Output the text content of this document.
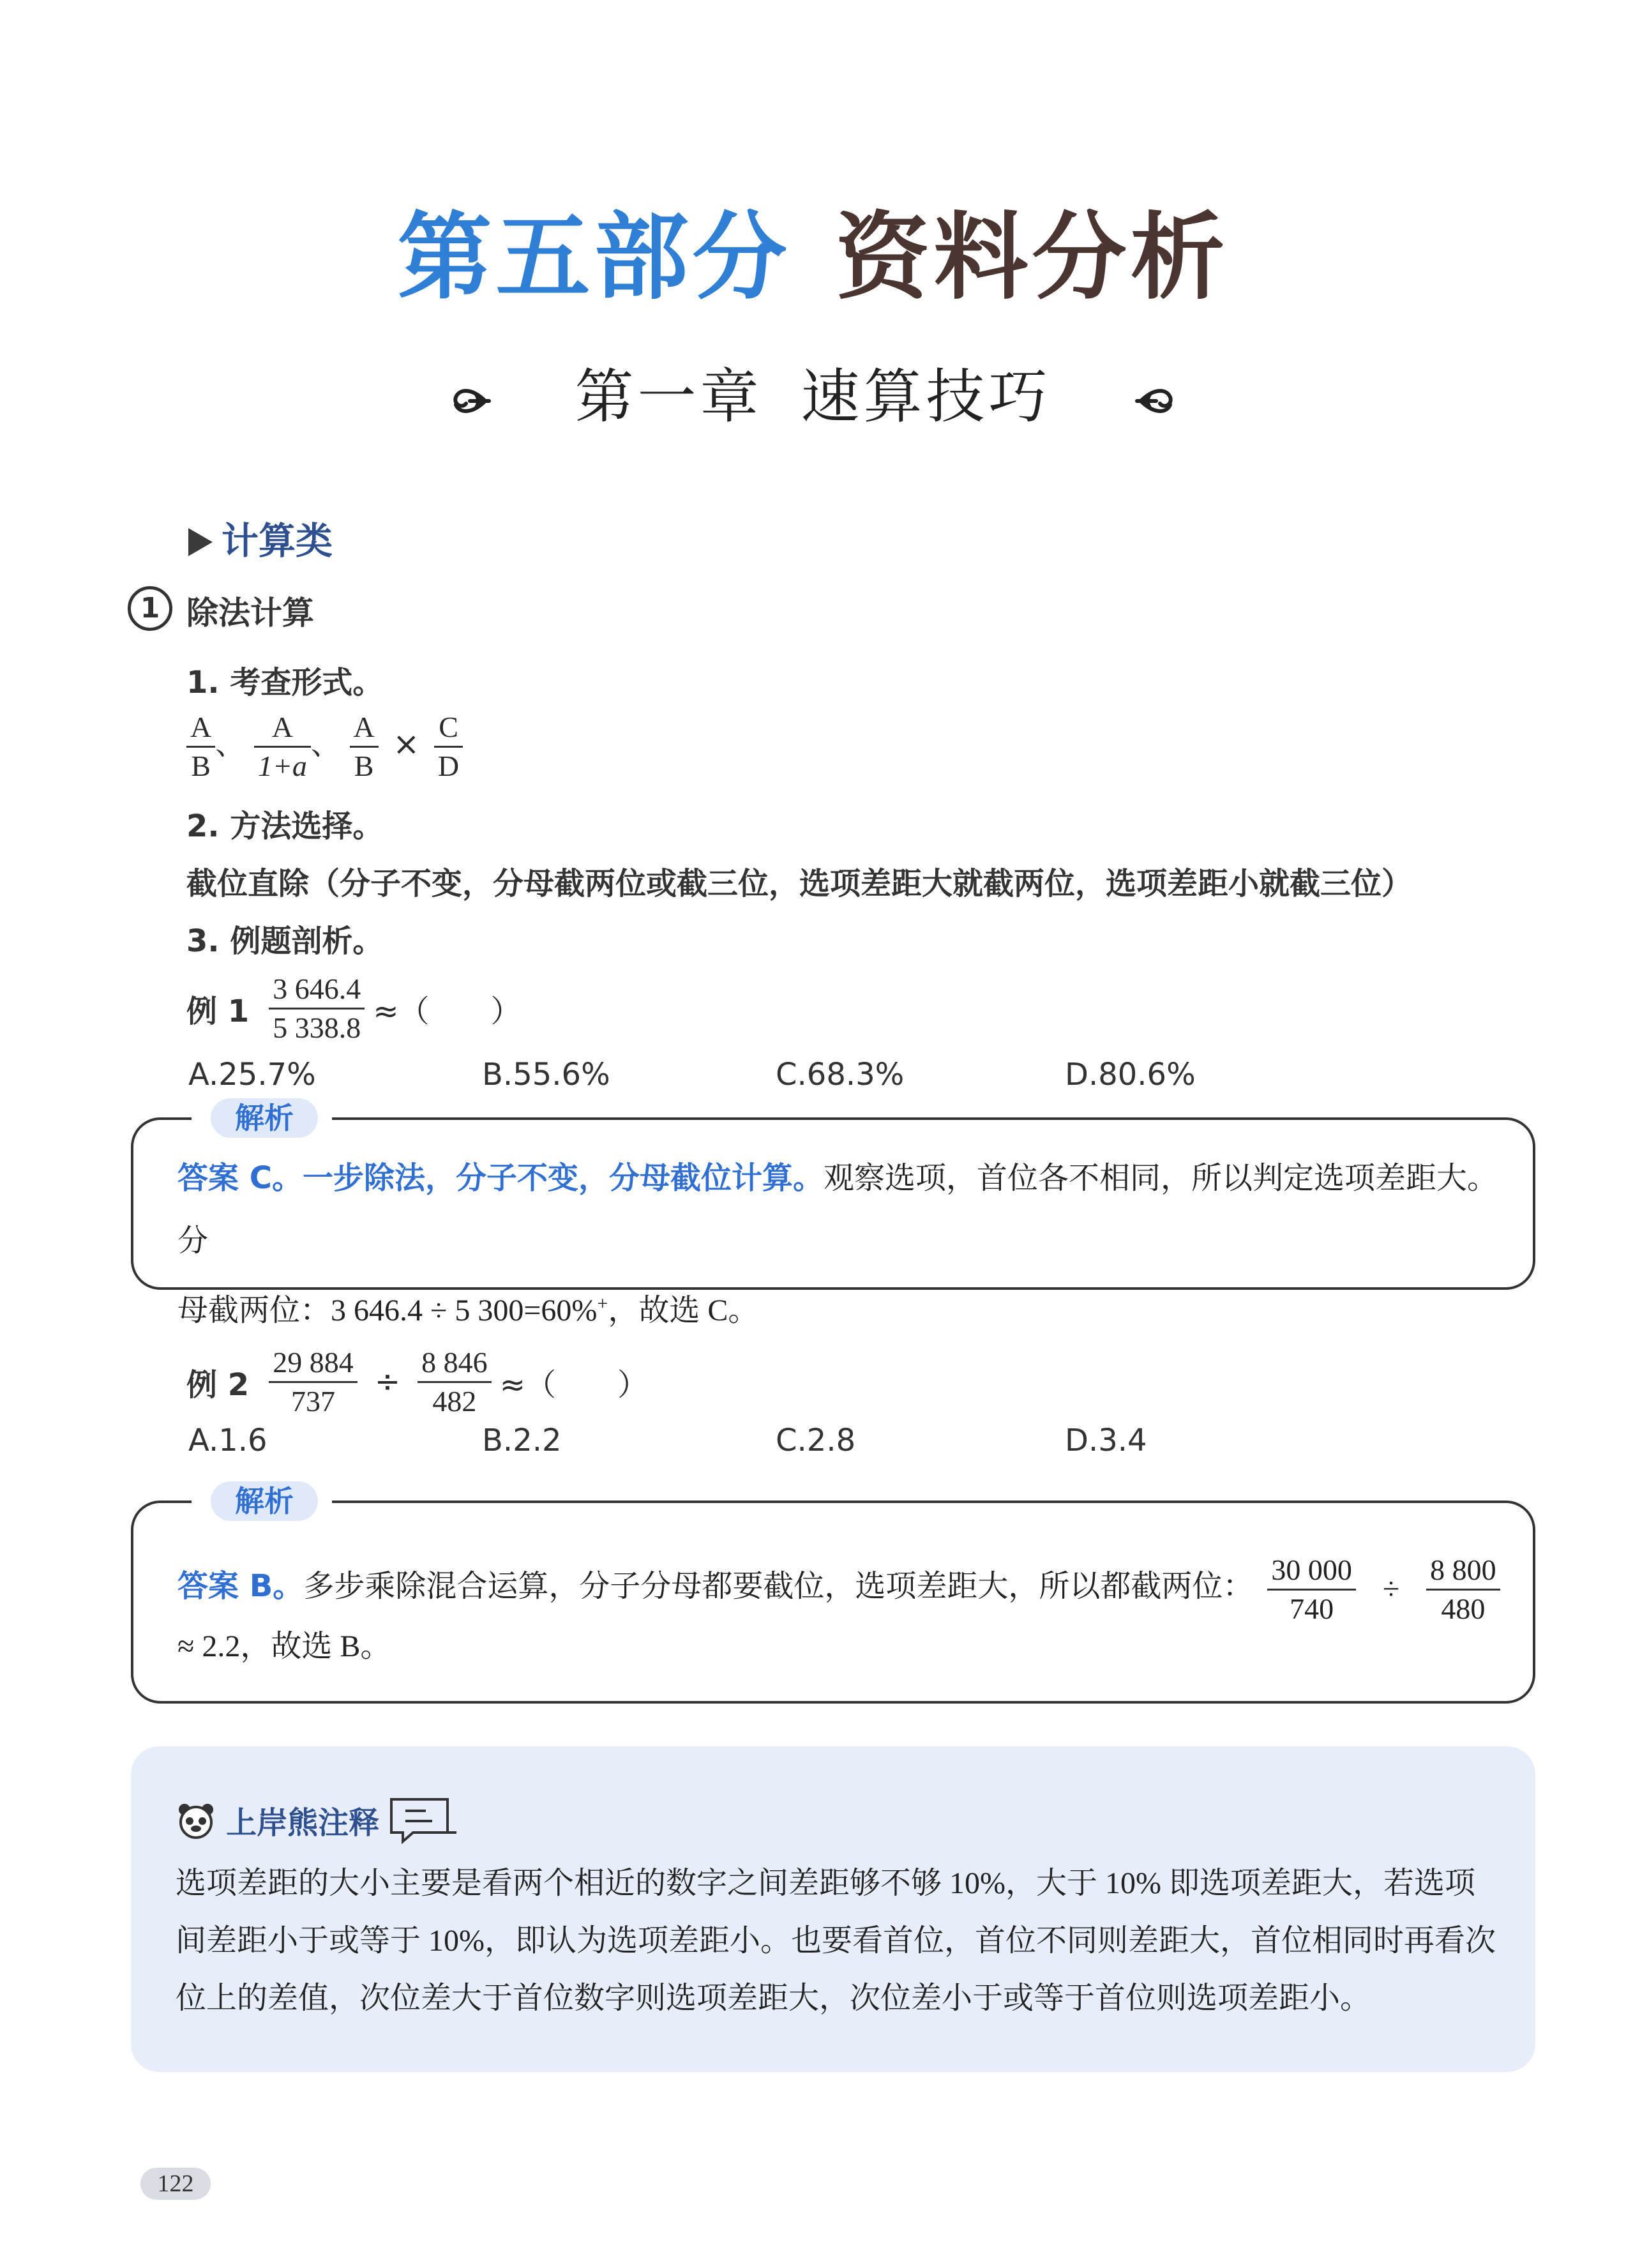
第五部分 资料分析
第一章 速算技巧
计算类
1 除法计算
1. 考查形式。
$\frac{A}{B}$ 、 $\frac{A}{1+a}$ 、 $\frac{A}{B} \times \frac{C}{D}$
2. 方法选择。
截位直除（分子不变，分母截两位或截三位，选项差距大就截两位，选项差距小就截三位）
3. 例题剖析。
例 $1 \frac{3 646.4}{5 338.8}$ ≈（　　）
A.25.7%	B.55.6%	C.68.3%	D.80.6%
解析
答案 C。一步除法，分子不变，分母截位计算。观察选项，首位各不相同，所以判定选项差距大。分
母截两位：3 646.4 ÷ 5 300=60%+，故选 C。
例 $2 \frac{29 884}{737} \div \frac{8 846}{482}$ ≈（　　）
A.1.6	B.2.2	C.2.8	D.3.4
解析
答案 B。多步乘除混合运算，分子分母都要截位，选项差距大，所以都截两位： $\frac{30 000}{740} \div \frac{8 800}{480}$
≈ 2.2，故选 B。
上岸熊注释
选项差距的大小主要是看两个相近的数字之间差距够不够 10%，大于 10% 即选项差距大，若选项间差距小于或等于 10%，即认为选项差距小。也要看首位，首位不同则差距大，首位相同时再看次位上的差值，次位差大于首位数字则选项差距大，次位差小于或等于首位则选项差距小。
122
